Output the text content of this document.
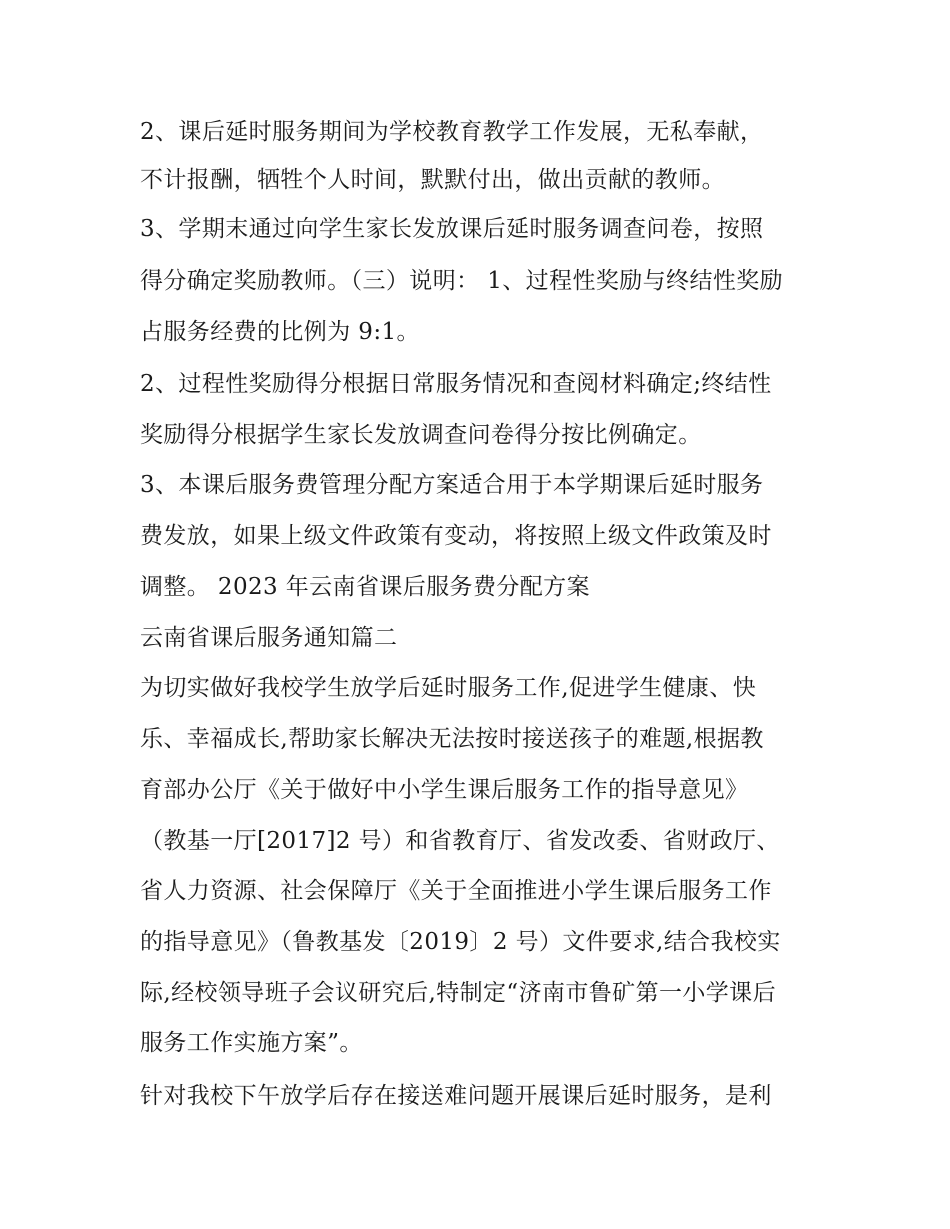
2、课后延时服务期间为学校教育教学工作发展，无私奉献，
不计报酬，牺牲个人时间，默默付出，做出贡献的教师。
3、学期末通过向学生家长发放课后延时服务调查问卷，按照
得分确定奖励教师。（三）说明： 1、过程性奖励与终结性奖励
占服务经费的比例为 9:1。
2、过程性奖励得分根据日常服务情况和查阅材料确定;终结性
奖励得分根据学生家长发放调查问卷得分按比例确定。
3、本课后服务费管理分配方案适合用于本学期课后延时服务
费发放，如果上级文件政策有变动，将按照上级文件政策及时
调整。 2023 年云南省课后服务费分配方案
云南省课后服务通知篇二
为切实做好我校学生放学后延时服务工作,促进学生健康、快
乐、幸福成长,帮助家长解决无法按时接送孩子的难题,根据教
育部办公厅《关于做好中小学生课后服务工作的指导意见》
（教基一厅[2017]2 号）和省教育厅、省发改委、省财政厅、
省人力资源、社会保障厅《关于全面推进小学生课后服务工作
的指导意见》（鲁教基发〔2019〕2 号）文件要求,结合我校实
际,经校领导班子会议研究后,特制定“济南市鲁矿第一小学课后
服务工作实施方案”。
针对我校下午放学后存在接送难问题开展课后延时服务，是利
